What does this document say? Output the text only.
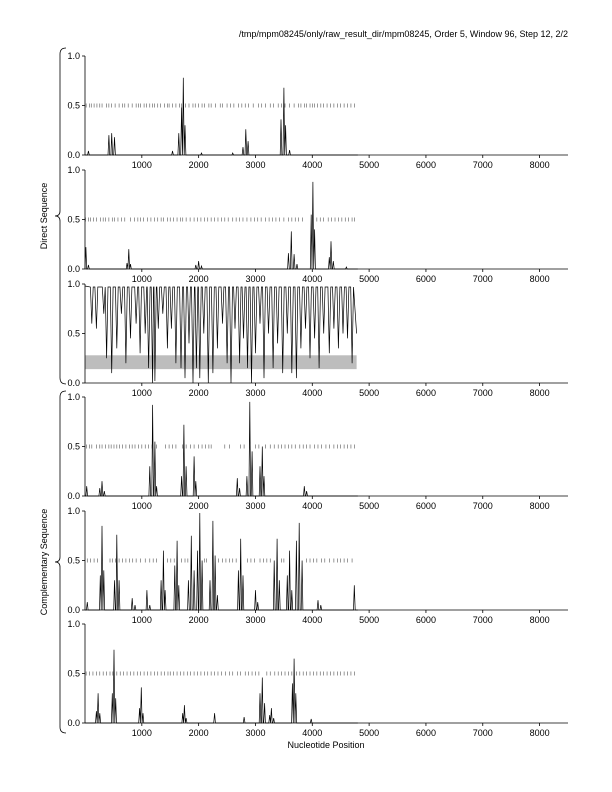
/tmp/mpm08245/only/raw_result_dir/mpm08245, Order 5, Window 96, Step 12, 2/2
0.0
0.5
1.0
1000	2000	3000	4000	5000	6000	7000	8000
0.0
0.5
1.0
1000	2000	3000	4000	5000	6000	7000	8000
0.0
0.5
1.0
1000	2000	3000	4000	5000	6000	7000	8000
0.0
0.5
1.0
1000	2000	3000	4000	5000	6000	7000	8000
0.0
0.5
1.0
1000	2000	3000	4000	5000	6000	7000	8000
0.0
0.5
1.0
1000	2000	3000	4000	5000	6000	7000	8000
Direct Sequence
Complementary Sequence
Nucleotide Position
